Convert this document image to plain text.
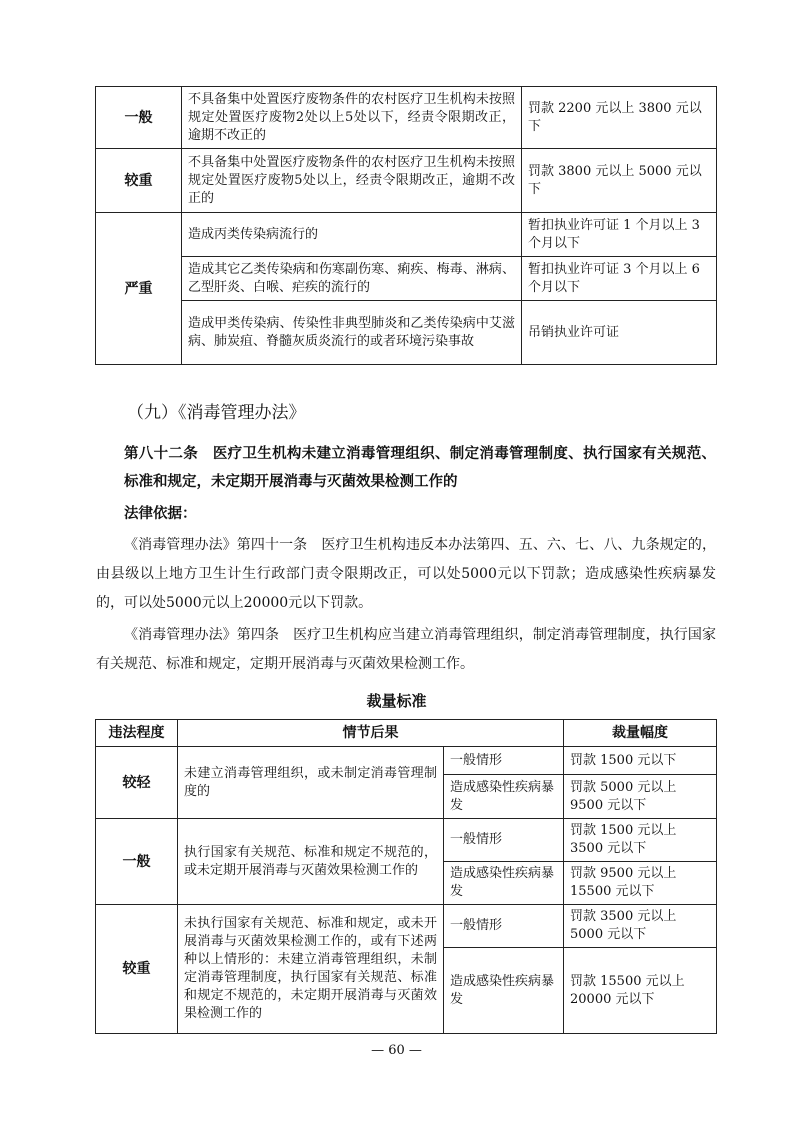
一般	不具备集中处置医疗废物条件的农村医疗卫生机构未按照规定处置医疗废物2处以上5处以下，经责令限期改正，逾期不改正的	罚款 2200 元以上 3800 元以下
较重	不具备集中处置医疗废物条件的农村医疗卫生机构未按照规定处置医疗废物5处以上，经责令限期改正，逾期不改正的	罚款 3800 元以上 5000 元以下
严重	造成丙类传染病流行的	暂扣执业许可证 1 个月以上 3 个月以下
	造成其它乙类传染病和伤寒副伤寒、痢疾、梅毒、淋病、乙型肝炎、白喉、疟疾的流行的	暂扣执业许可证 3 个月以上 6 个月以下
	造成甲类传染病、传染性非典型肺炎和乙类传染病中艾滋病、肺炭疽、脊髓灰质炎流行的或者环境污染事故	吊销执业许可证
（九）《消毒管理办法》
第八十二条　医疗卫生机构未建立消毒管理组织、制定消毒管理制度、执行国家有关规范、标准和规定，未定期开展消毒与灭菌效果检测工作的
法律依据：
《消毒管理办法》第四十一条　医疗卫生机构违反本办法第四、五、六、七、八、九条规定的，由县级以上地方卫生计生行政部门责令限期改正，可以处5000元以下罚款；造成感染性疾病暴发的，可以处5000元以上20000元以下罚款。
《消毒管理办法》第四条　医疗卫生机构应当建立消毒管理组织，制定消毒管理制度，执行国家有关规范、标准和规定，定期开展消毒与灭菌效果检测工作。
裁量标准
违法程度	情节后果		裁量幅度
较轻	未建立消毒管理组织，或未制定消毒管理制度的	一般情形	罚款 1500 元以下
		造成感染性疾病暴发	罚款 5000 元以上 9500 元以下
一般	执行国家有关规范、标准和规定不规范的，或未定期开展消毒与灭菌效果检测工作的	一般情形	罚款 1500 元以上 3500 元以下
		造成感染性疾病暴发	罚款 9500 元以上 15500 元以下
较重	未执行国家有关规范、标准和规定，或未开展消毒与灭菌效果检测工作的，或有下述两种以上情形的：未建立消毒管理组织，未制定消毒管理制度，执行国家有关规范、标准和规定不规范的，未定期开展消毒与灭菌效果检测工作的	一般情形	罚款 3500 元以上 5000 元以下
		造成感染性疾病暴发	罚款 15500 元以上 20000 元以下
— 60 —
